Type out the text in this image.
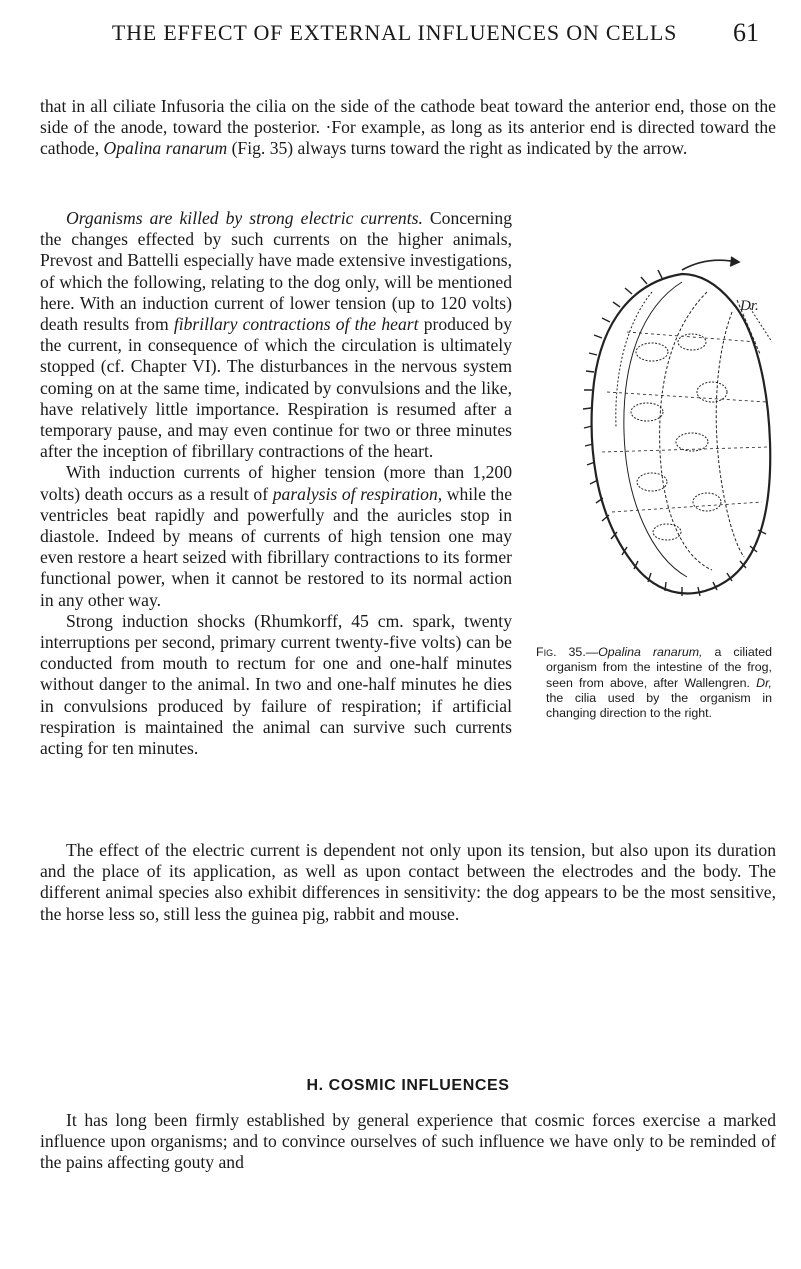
THE EFFECT OF EXTERNAL INFLUENCES ON CELLS 61
that in all ciliate Infusoria the cilia on the side of the cathode beat toward the anterior end, those on the side of the anode, toward the posterior. ·For example, as long as its anterior end is directed toward the cathode, Opalina ranarum (Fig. 35) always turns toward the right as indicated by the arrow.
Dr.
Fig. 35.—Opalina ranarum, a ciliated organism from the intestine of the frog, seen from above, after Wallengren. Dr, the cilia used by the organism in changing direction to the right.
Organisms are killed by strong electric currents. Concerning the changes effected by such currents on the higher animals, Prevost and Battelli especially have made extensive investigations, of which the following, relating to the dog only, will be mentioned here. With an induction current of lower tension (up to 120 volts) death results from fibrillary contractions of the heart produced by the current, in consequence of which the circulation is ultimately stopped (cf. Chapter VI). The disturbances in the nervous system coming on at the same time, indicated by convulsions and the like, have relatively little importance. Respiration is resumed after a temporary pause, and may even continue for two or three minutes after the inception of fibrillary contractions of the heart.
With induction currents of higher tension (more than 1,200 volts) death occurs as a result of paralysis of respiration, while the ventricles beat rapidly and powerfully and the auricles stop in diastole. Indeed by means of currents of high tension one may even restore a heart seized with fibrillary contractions to its former functional power, when it cannot be restored to its normal action in any other way.
Strong induction shocks (Rhumkorff, 45 cm. spark, twenty interruptions per second, primary current twenty-five volts) can be conducted from mouth to rectum for one and one-half minutes without danger to the animal. In two and one-half minutes he dies in convulsions produced by failure of respiration; if artificial respiration is maintained the animal can survive such currents acting for ten minutes.
The effect of the electric current is dependent not only upon its tension, but also upon its duration and the place of its application, as well as upon contact between the electrodes and the body. The different animal species also exhibit differences in sensitivity: the dog appears to be the most sensitive, the horse less so, still less the guinea pig, rabbit and mouse.
H. COSMIC INFLUENCES
It has long been firmly established by general experience that cosmic forces exercise a marked influence upon organisms; and to convince ourselves of such influence we have only to be reminded of the pains affecting gouty and
